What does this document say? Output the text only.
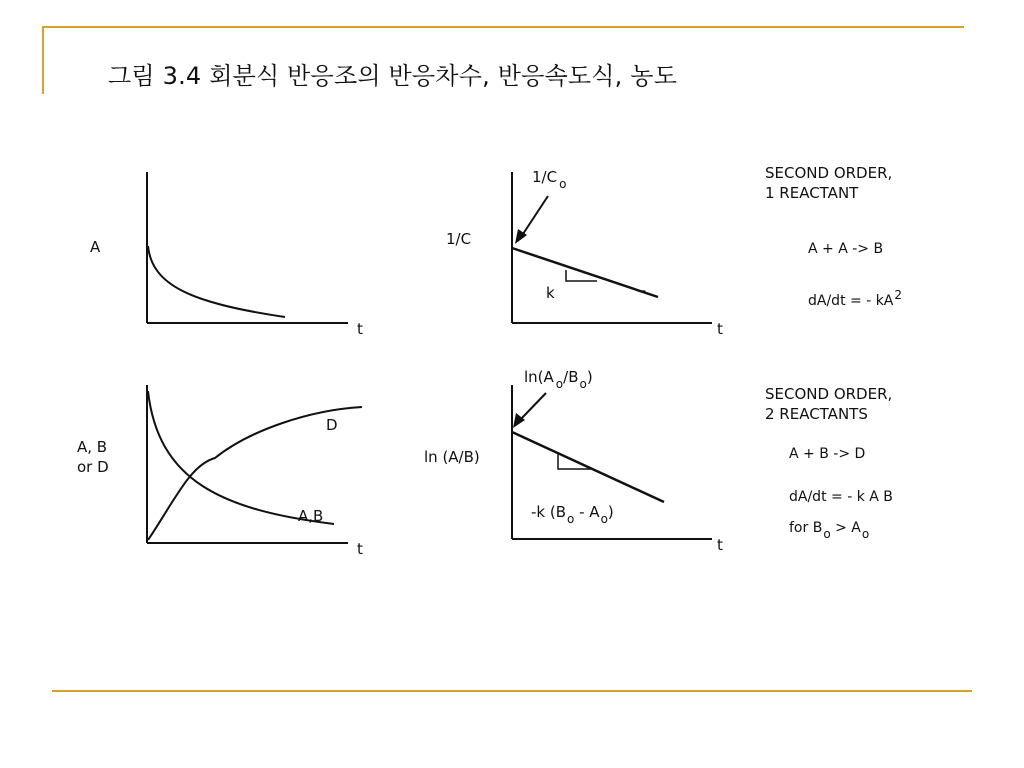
그림 3.4 회분식 반응조의 반응차수, 반응속도식, 농도
A
t
1/C
1/C $_o$
k	-
t
SECOND ORDER,
1 REACTANT
A + A -> B
dA/dt = - kA2
A, B
or D
D
A,B
t
ln (A/B)
ln(A $_o/B_o$)
-k $(B_o - A_o)$
t
SECOND ORDER,
2 REACTANTS
A + B -> D
dA/dt = - k A B
for Bo > Ao
